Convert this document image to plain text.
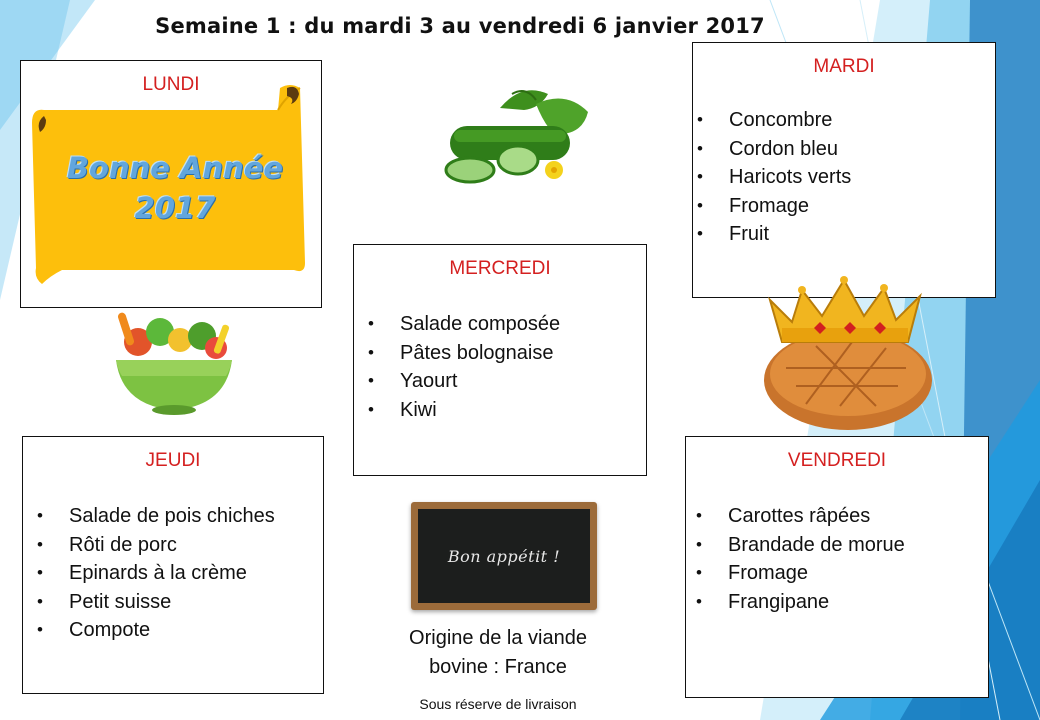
Semaine 1 : du mardi 3 au vendredi 6 janvier 2017
LUNDI
Bonne Année
2017
MARDI
• Concombre
• Cordon bleu
• Haricots verts
• Fromage
• Fruit
MERCREDI
• Salade composée
• Pâtes bolognaise
• Yaourt
• Kiwi
JEUDI
• Salade de pois chiches
• Rôti de porc
• Epinards à la crème
• Petit suisse
• Compote
Bon appétit !
Origine de la viande
bovine : France
VENDREDI
• Carottes râpées
• Brandade de morue
• Fromage
• Frangipane
Sous réserve de livraison
